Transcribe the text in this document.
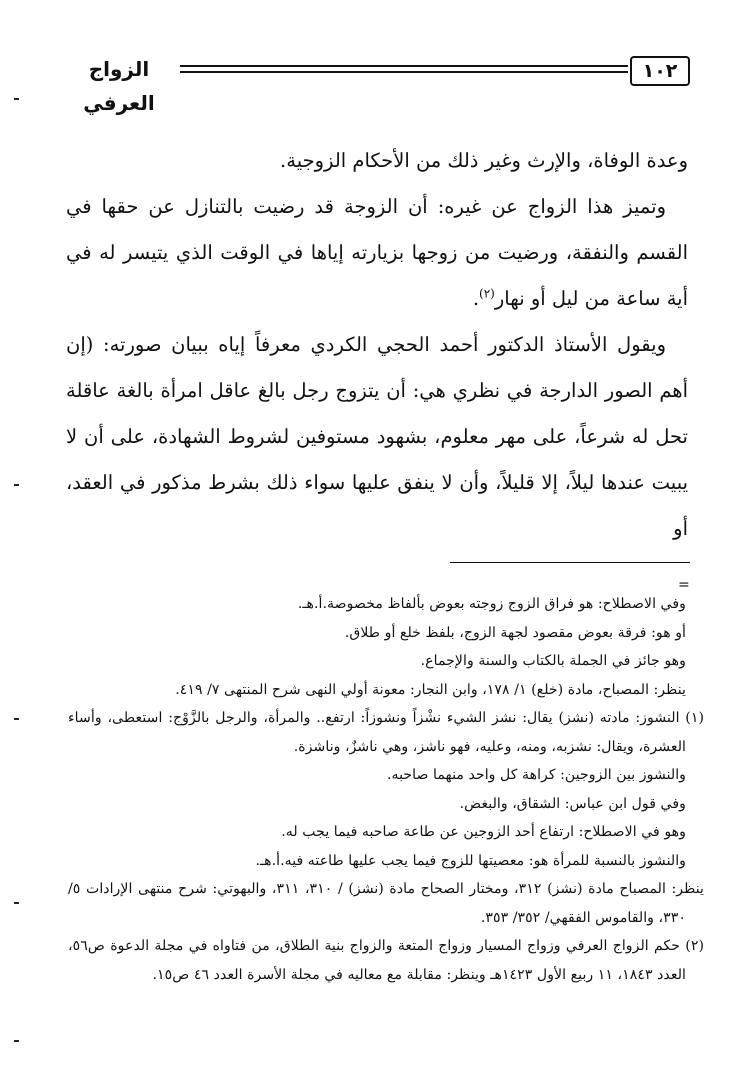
الزواج العرفي
١٠٢

وعدة الوفاة، والإرث وغير ذلك من الأحكام الزوجية.

وتميز هذا الزواج عن غيره: أن الزوجة قد رضيت بالتنازل عن حقها في القسم والنفقة، ورضيت من زوجها بزيارته إياها في الوقت الذي يتيسر له في أية ساعة من ليل أو نهار$^{(٢)}$.

ويقول الأستاذ الدكتور أحمد الحجي الكردي معرفاً إياه ببيان صورته: (إن أهم الصور الدارجة في نظري هي: أن يتزوج رجل بالغ عاقل امرأة بالغة عاقلة تحل له شرعاً، على مهر معلوم، بشهود مستوفين لشروط الشهادة، على أن لا يبيت عندها ليلاً، إلا قليلاً، وأن لا ينفق عليها سواء ذلك بشرط مذكور في العقد، أو

=

وفي الاصطلاح: هو فراق الزوج زوجته بعوض بألفاظ مخصوصة.أ.هـ.

أو هو: فرقة بعوض مقصود لجهة الزوج، بلفظ خلع أو طلاق.

وهو جائز في الجملة بالكتاب والسنة والإجماع.

ينظر: المصباح، مادة (خلع) ١/ ١٧٨، وابن النجار: معونة أولي النهى شرح المنتهى ٧/ ٤١٩.

(١) النشوز: مادته (نشز) يقال: نشز الشيء نشْزاً ونشوزاً: ارتفع.. والمرأة، والرجل بالزَّوْج: استعطى، وأساء العشرة، ويقال: نشزبه، ومنه، وعليه، فهو ناشز، وهي ناشزٌ، وناشزة.

والنشوز بين الزوجين: كراهة كل واحد منهما صاحبه.

وفي قول ابن عباس: الشقاق، والبغض.

وهو في الاصطلاح: ارتفاع أحد الزوجين عن طاعة صاحبه فيما يجب له.

والنشوز بالنسبة للمرأة هو: معصيتها للزوج فيما يجب عليها طاعته فيه.أ.هـ.

ينظر: المصباح مادة (نشز) ٣١٢، ومختار الصحاح مادة (نشز) / ٣١٠، ٣١١، والبهوتي: شرح منتهى الإرادات ٥/ ٣٣٠، والقاموس الفقهي/ ٣٥٢/ ٣٥٣.

(٢) حكم الزواج العرفي وزواج المسيار وزواج المتعة والزواج بنية الطلاق، من فتاواه في مجلة الدعوة ص٥٦، العدد ١٨٤٣، ١١ ربيع الأول ١٤٢٣هـ وينظر: مقابلة مع معاليه في مجلة الأسرة العدد ٤٦ ص١٥.
